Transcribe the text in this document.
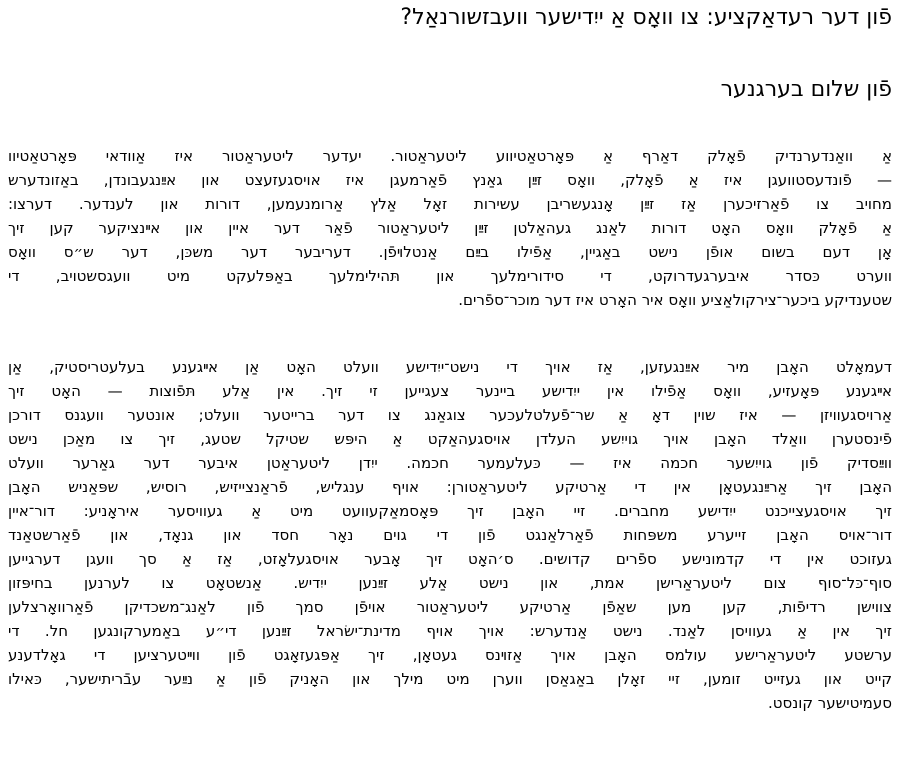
פֿון דער רעדאַקציע: צו וואָס אַ ייִדישער וועבזשורנאַל?
פֿון שלום בערגנער

אַ וואַנדערנדיק פֿאָלק דאַרף אַ פּאָרטאַטיווע ליטעראַטור. יעדער ליטעראַטור איז אַוודאי פּאָרטאַטיוו
— פֿונדעסטוועגן איז אַ פֿאָלק, וואָס זײַן גאַנץ פֿאַרמעגן איז אויסגעזעצט און אײַנגעבונדן, באַזונדערש
מחויב צו פֿאַרזיכערן אַז זײַן אָנגעשריבן עשירות זאָל אַלץ אַרומנעמען, דורות און לענדער. דערצו:
אַ פֿאָלק וואָס האָט דורות לאַנג געהאַלטן זײַן ליטעראַטור פֿאַר דער איין און אײנציקער קען זיך
אָן דעם בשום אופֿן נישט באַגיין, אַפֿילו בײַם אַנטלױפֿן. דעריבער דער משכּן, דער ש״ס וואָס
ווערט כּסדר איבערגעדרוקט, די סידורימלעך און תּהילימלעך באַפּלעקט מיט וועגסשטויב, די
שטענדיקע ביכער־צירקולאַציע וואָס איר האָרט איז דער מוכר־ספֿרים.

דעמאָלט האָבן מיר אײַנגעזען, אַז אויך די נישט־ייִדישע וועלט האָט אַן אײגענע בעלעטריסטיק, אַן
אײגענע פּאָעזיע, וואָס אַפֿילו אין ייִדישע ביינער צעגייען זי זיך. אין אַלע תּפֿוצות — האָט זיך
אַרויסגעוויזן — איז שוין דאָ אַ שר־פֿעלטלעכער צוגאַנג צו דער ברייטער וועלט; אונטער וועגנס דורכן
פֿינסטערן וואַלד האָבן אויך גוייִשע העלדן אויסגעהאַקט אַ היפּש שטיקל שטעג, זיך צו מאַכן נישט
ווײַסדיק פֿון גוייִשער חכמה איז — כּעלעמער חכמה. ייִדן ליטעראַטן איבער דער גאַרער וועלט
האָבן זיך אַרײַנגעטאָן אין די אַרטיקע ליטעראַטורן: אויף ענגליש, פֿראַנצייזיש, רוסיש, שפּאַניש האָבן
זיך אויסגעצייכנט ייִדישע מחברים. זיי האָבן זיך פּאָסמאַקעוועט מיט אַ געוויסער איראָניע: דור־איין
דור־אויס האָבן זייערע משפּחות פֿאַרלאַנגט פֿון די גוים נאָר חסד און גנאָד, און פֿאַרשטאַנד
געזוכט אין די קדמונישע ספֿרים קדושים. ס׳האָט זיך אָבער אויסגעלאָזט, אַז אַ סך וועגן דערגייען
סוף־כּל־סוף צום ליטעראַרישן אמת, און נישט אַלע זײַנען ייִדיש. אַנשטאָט צו לערנען בחיפּזון
צווישן רדיפֿות, קען מען שאַפֿן אַרטיקע ליטעראַטור אויפֿן סמך פֿון לאַנג־משכדיקן פֿאַרוואָרצלען
זיך אין אַ געוויסן לאַנד. נישט אַנדערש: אויך אויף מדינת־ישׂראל זײַנען די״ע באַמערקונגען חל. די
ערשטע ליטעראַרישע עולמס האָבן אויך אַזױנס געטאָן, זיך אַפּגעזאָגט פֿון ווײטערציען די גאָלדענע
קייט און געזייט זומען, זיי זאָלן באַגאַסן ווערן מיט מילך און האָניק פֿון אַ נײַער עבֿריתישער, כּאילו
סעמיטישער קונסט.
